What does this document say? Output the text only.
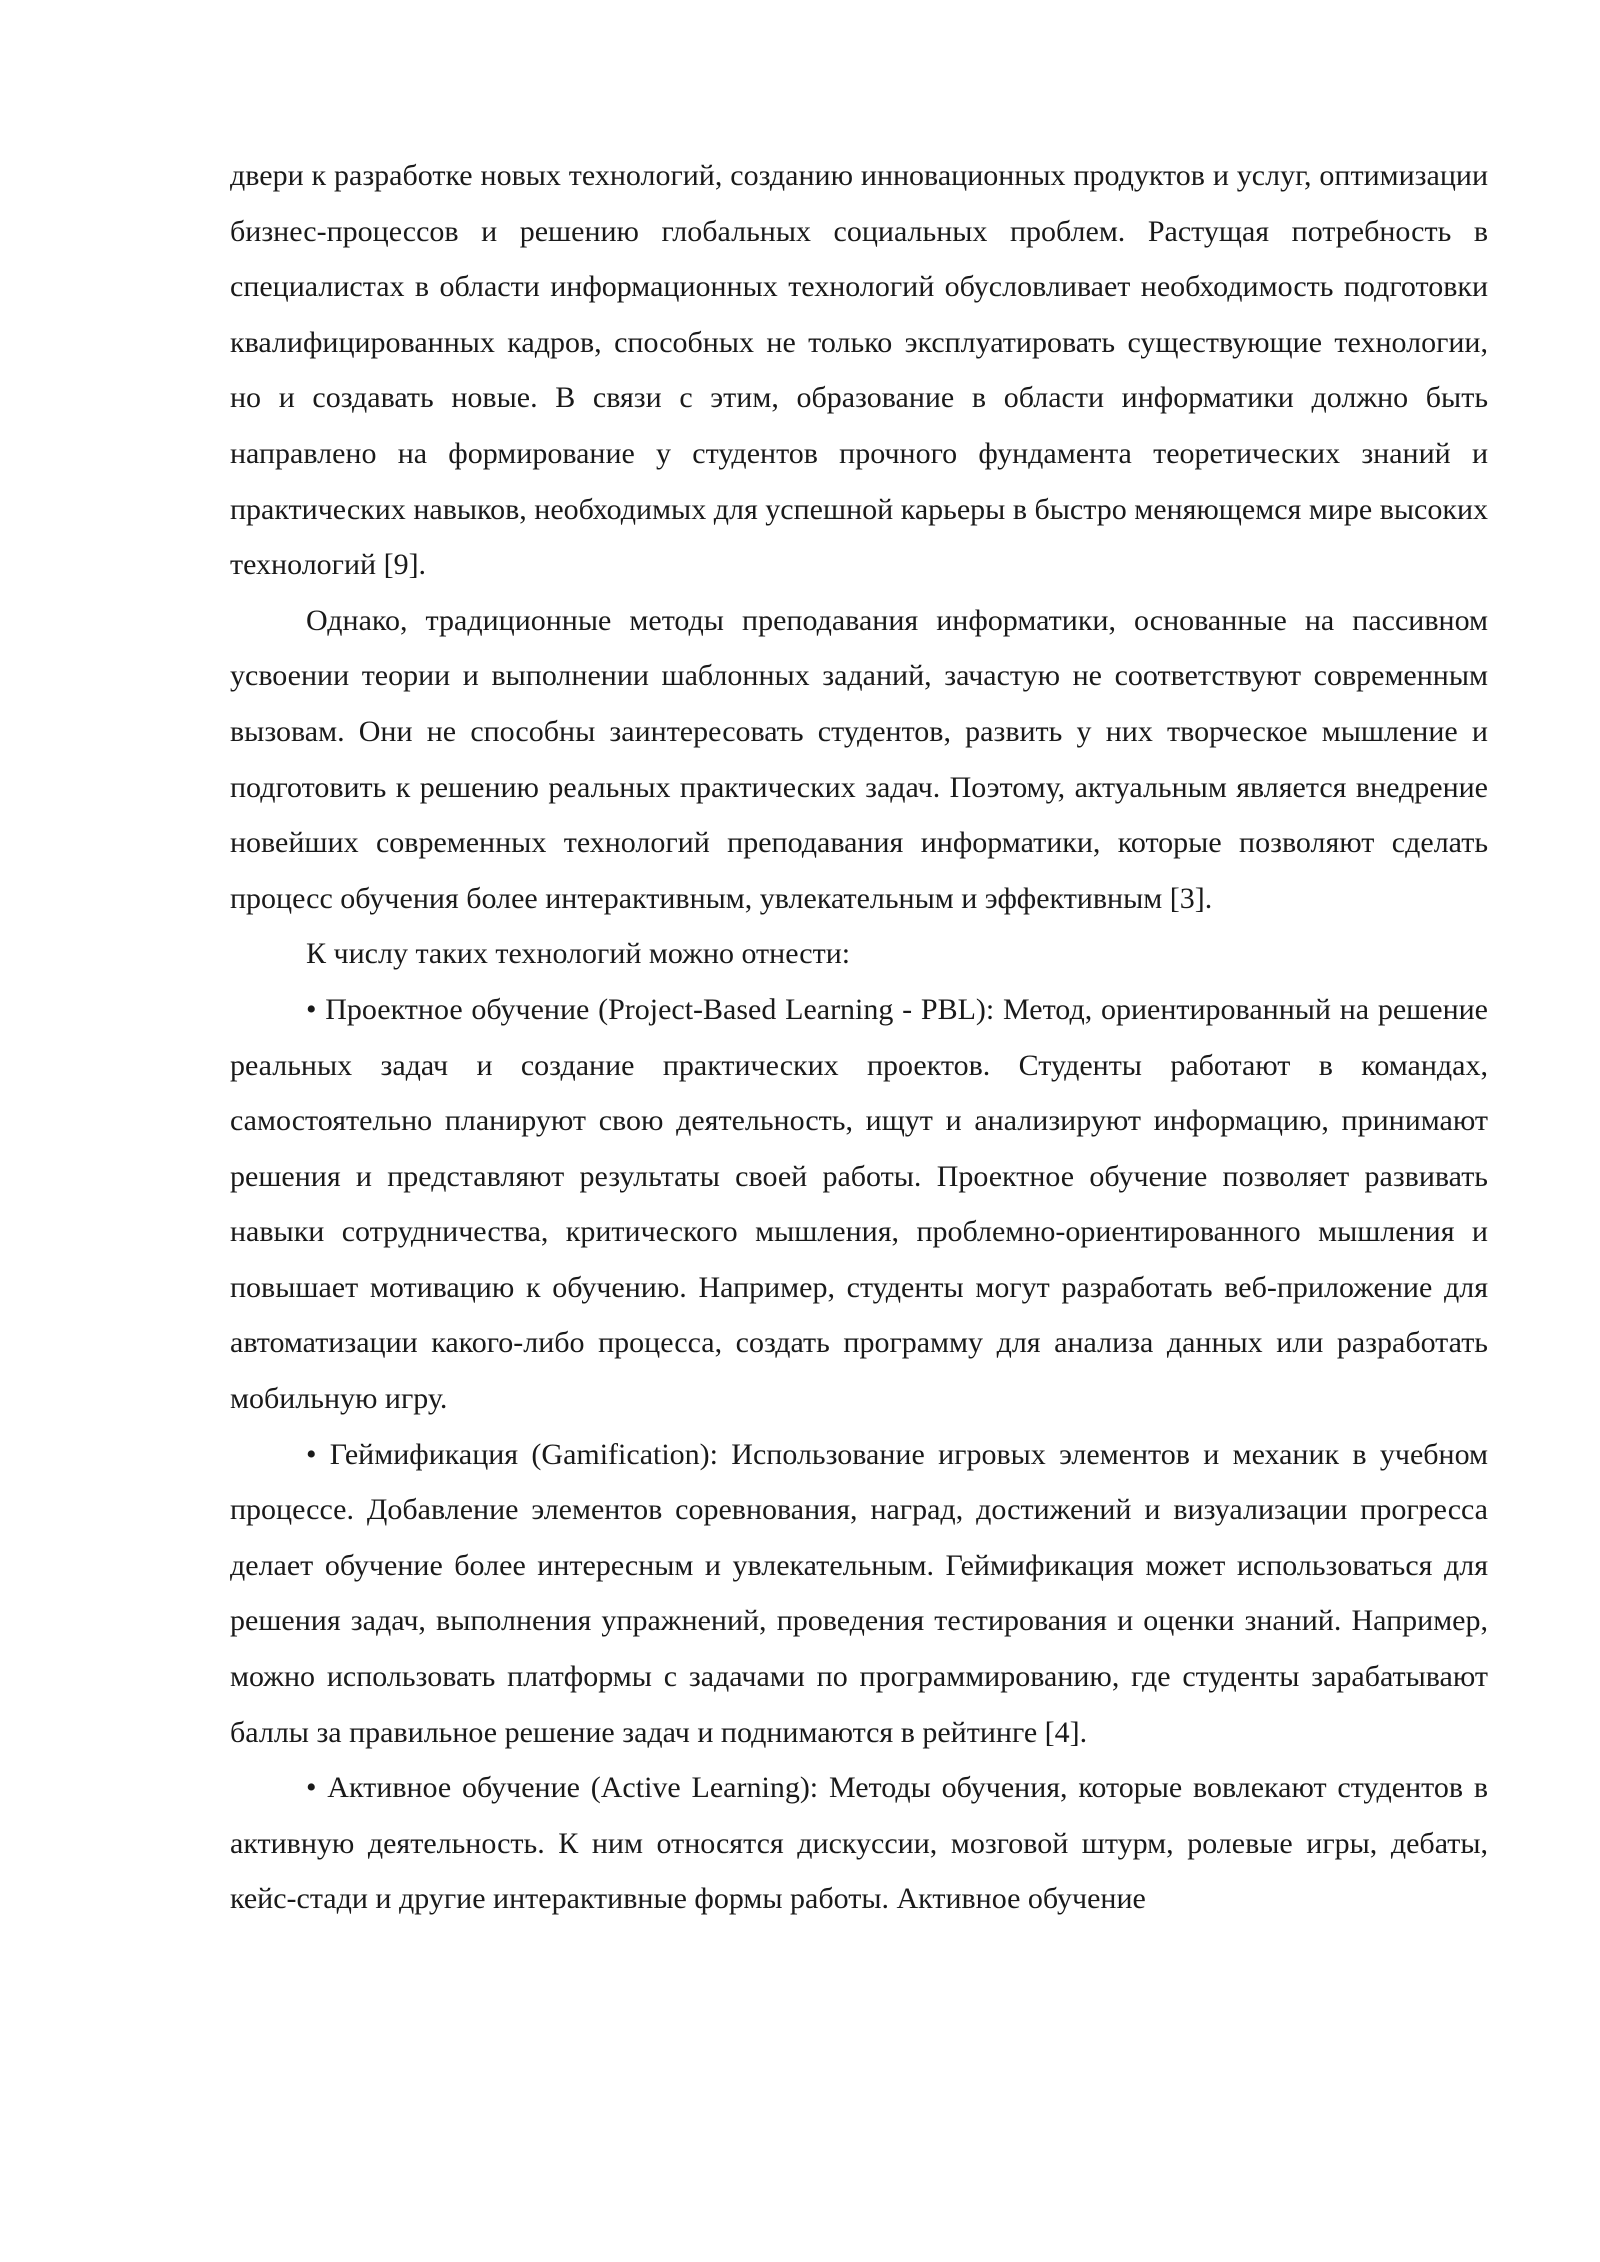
двери к разработке новых технологий, созданию инновационных продуктов и услуг, оптимизации бизнес-процессов и решению глобальных социальных проблем. Растущая потребность в специалистах в области информационных технологий обусловливает необходимость подготовки квалифицированных кадров, способных не только эксплуатировать существующие технологии, но и создавать новые. В связи с этим, образование в области информатики должно быть направлено на формирование у студентов прочного фундамента теоретических знаний и практических навыков, необходимых для успешной карьеры в быстро меняющемся мире высоких технологий [9].

Однако, традиционные методы преподавания информатики, основанные на пассивном усвоении теории и выполнении шаблонных заданий, зачастую не соответствуют современным вызовам. Они не способны заинтересовать студентов, развить у них творческое мышление и подготовить к решению реальных практических задач. Поэтому, актуальным является внедрение новейших современных технологий преподавания информатики, которые позволяют сделать процесс обучения более интерактивным, увлекательным и эффективным [3].

К числу таких технологий можно отнести:

• Проектное обучение (Project-Based Learning - PBL): Метод, ориентированный на решение реальных задач и создание практических проектов. Студенты работают в командах, самостоятельно планируют свою деятельность, ищут и анализируют информацию, принимают решения и представляют результаты своей работы. Проектное обучение позволяет развивать навыки сотрудничества, критического мышления, проблемно-ориентированного мышления и повышает мотивацию к обучению. Например, студенты могут разработать веб-приложение для автоматизации какого-либо процесса, создать программу для анализа данных или разработать мобильную игру.

• Геймификация (Gamification): Использование игровых элементов и механик в учебном процессе. Добавление элементов соревнования, наград, достижений и визуализации прогресса делает обучение более интересным и увлекательным. Геймификация может использоваться для решения задач, выполнения упражнений, проведения тестирования и оценки знаний. Например, можно использовать платформы с задачами по программированию, где студенты зарабатывают баллы за правильное решение задач и поднимаются в рейтинге [4].

• Активное обучение (Active Learning): Методы обучения, которые вовлекают студентов в активную деятельность. К ним относятся дискуссии, мозговой штурм, ролевые игры, дебаты, кейс-стади и другие интерактивные формы работы. Активное обучение
